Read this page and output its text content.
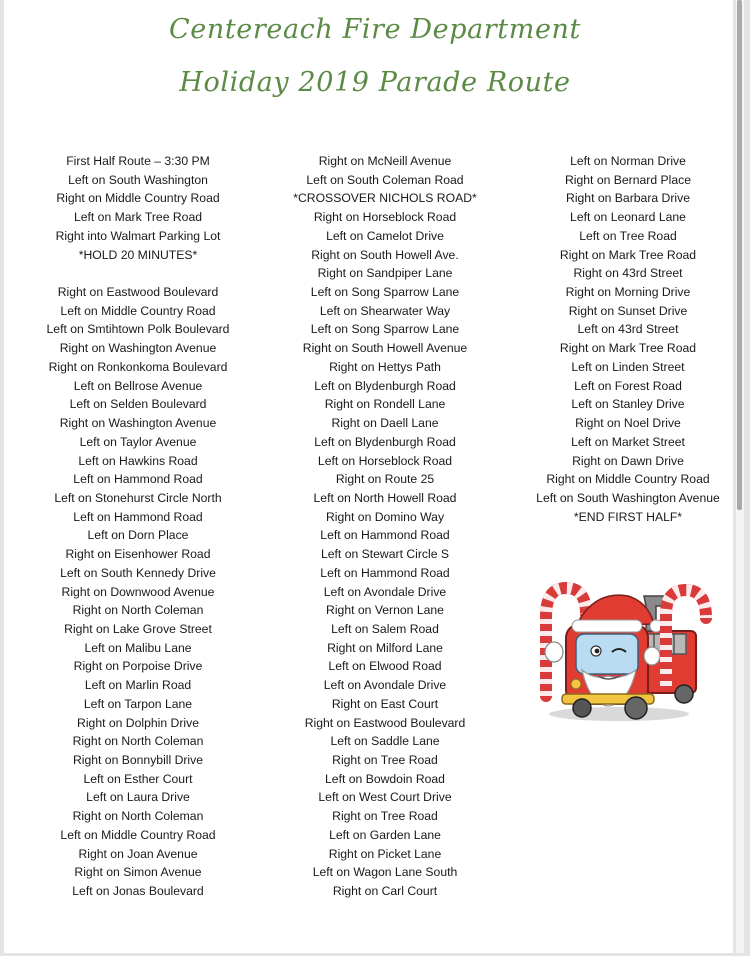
Centereach Fire Department
Holiday 2019 Parade Route
First Half Route – 3:30 PM
Left on South Washington
Right on Middle Country Road
Left on Mark Tree Road
Right into Walmart Parking Lot
*HOLD 20 MINUTES*

Right on Eastwood Boulevard
Left on Middle Country Road
Left on Smtihtown Polk Boulevard
Right on Washington Avenue
Right on Ronkonkoma Boulevard
Left on Bellrose Avenue
Left on Selden Boulevard
Right on Washington Avenue
Left on Taylor Avenue
Left on Hawkins Road
Left on Hammond Road
Left on Stonehurst Circle North
Left on Hammond Road
Left on Dorn Place
Right on Eisenhower Road
Left on South Kennedy Drive
Right on Downwood Avenue
Right on North Coleman
Right on Lake Grove Street
Left on Malibu Lane
Right on Porpoise Drive
Left on Marlin Road
Left on Tarpon Lane
Right on Dolphin Drive
Right on North Coleman
Right on Bonnybill Drive
Left on Esther Court
Left on Laura Drive
Right on North Coleman
Left on Middle Country Road
Right on Joan Avenue
Right on Simon Avenue
Left on Jonas Boulevard
Right on McNeill Avenue
Left on South Coleman Road
*CROSSOVER NICHOLS ROAD*
Right on Horseblock Road
Left on Camelot Drive
Right on South Howell Ave.
Right on Sandpiper Lane
Left on Song Sparrow Lane
Left on Shearwater Way
Left on Song Sparrow Lane
Right on South Howell Avenue
Right on Hettys Path
Left on Blydenburgh Road
Right on Rondell Lane
Right on Daell Lane
Left on Blydenburgh Road
Left on Horseblock Road
Right on Route 25
Left on North Howell Road
Right on Domino Way
Left on Hammond Road
Left on Stewart Circle S
Left on Hammond Road
Left on Avondale Drive
Right on Vernon Lane
Left on Salem Road
Right on Milford Lane
Left on Elwood Road
Left on Avondale Drive
Right on East Court
Right on Eastwood Boulevard
Left on Saddle Lane
Right on Tree Road
Left on Bowdoin Road
Left on West Court Drive
Right on Tree Road
Left on Garden Lane
Right on Picket Lane
Left on Wagon Lane South
Right on Carl Court
Left on Norman Drive
Right on Bernard Place
Right on Barbara Drive
Left on Leonard Lane
Left on Tree Road
Right on Mark Tree Road
Right on 43rd Street
Right on Morning Drive
Right on Sunset Drive
Left on 43rd Street
Right on Mark Tree Road
Left on Linden Street
Left on Forest Road
Left on Stanley Drive
Right on Noel Drive
Left on Market Street
Right on Dawn Drive
Right on Middle Country Road
Left on South Washington Avenue
*END FIRST HALF*
